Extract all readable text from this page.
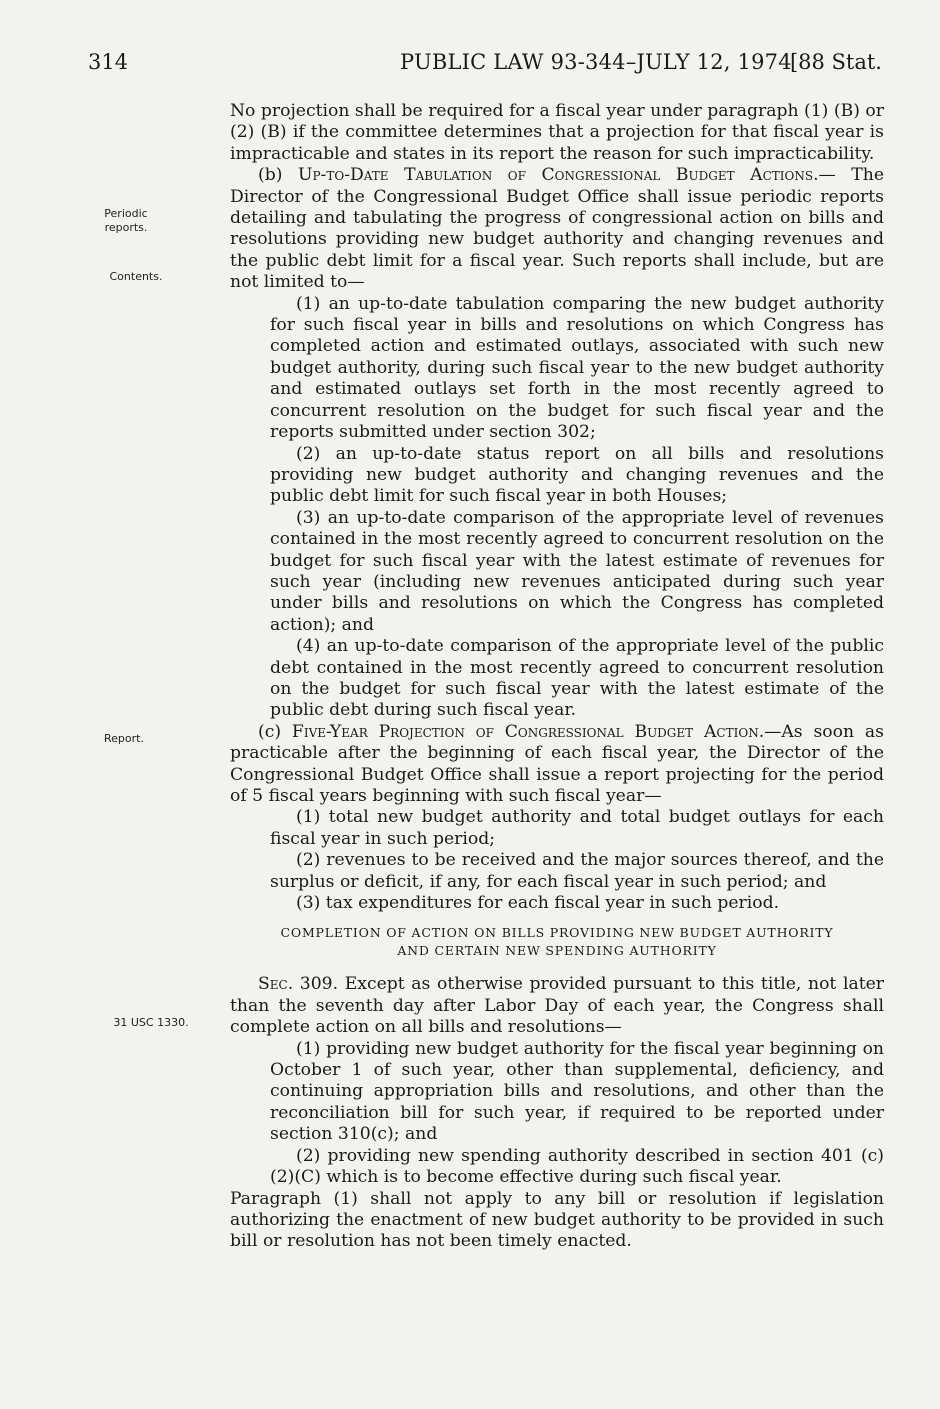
314	PUBLIC LAW 93-344–JULY 12, 1974
[88 Stat.
Periodic reports.
Contents.
Report.
31 USC 1330.

No projection shall be required for a fiscal year under paragraph (1) (B) or (2) (B) if the committee determines that a projection for that fiscal year is impracticable and states in its report the reason for such impracticability.

(b) Up-to-Date Tabulation of Congressional Budget Actions.— The Director of the Congressional Budget Office shall issue periodic reports detailing and tabulating the progress of congressional action on bills and resolutions providing new budget authority and changing revenues and the public debt limit for a fiscal year. Such reports shall include, but are not limited to—

(1) an up-to-date tabulation comparing the new budget authority for such fiscal year in bills and resolutions on which Congress has completed action and estimated outlays, associated with such new budget authority, during such fiscal year to the new budget authority and estimated outlays set forth in the most recently agreed to concurrent resolution on the budget for such fiscal year and the reports submitted under section 302;

(2) an up-to-date status report on all bills and resolutions providing new budget authority and changing revenues and the public debt limit for such fiscal year in both Houses;

(3) an up-to-date comparison of the appropriate level of revenues contained in the most recently agreed to concurrent resolution on the budget for such fiscal year with the latest estimate of revenues for such year (including new revenues anticipated during such year under bills and resolutions on which the Congress has completed action); and

(4) an up-to-date comparison of the appropriate level of the public debt contained in the most recently agreed to concurrent resolution on the budget for such fiscal year with the latest estimate of the public debt during such fiscal year.

(c) Five-Year Projection of Congressional Budget Action.—As soon as practicable after the beginning of each fiscal year, the Director of the Congressional Budget Office shall issue a report projecting for the period of 5 fiscal years beginning with such fiscal year—

(1) total new budget authority and total budget outlays for each fiscal year in such period;

(2) revenues to be received and the major sources thereof, and the surplus or deficit, if any, for each fiscal year in such period; and

(3) tax expenditures for each fiscal year in such period.

COMPLETION OF ACTION ON BILLS PROVIDING NEW BUDGET AUTHORITY
AND CERTAIN NEW SPENDING AUTHORITY

Sec. 309. Except as otherwise provided pursuant to this title, not later than the seventh day after Labor Day of each year, the Congress shall complete action on all bills and resolutions—

(1) providing new budget authority for the fiscal year beginning on October 1 of such year, other than supplemental, deficiency, and continuing appropriation bills and resolutions, and other than the reconciliation bill for such year, if required to be reported under section 310(c); and

(2) providing new spending authority described in section 401 (c)(2)(C) which is to become effective during such fiscal year.

Paragraph (1) shall not apply to any bill or resolution if legislation authorizing the enactment of new budget authority to be provided in such bill or resolution has not been timely enacted.
